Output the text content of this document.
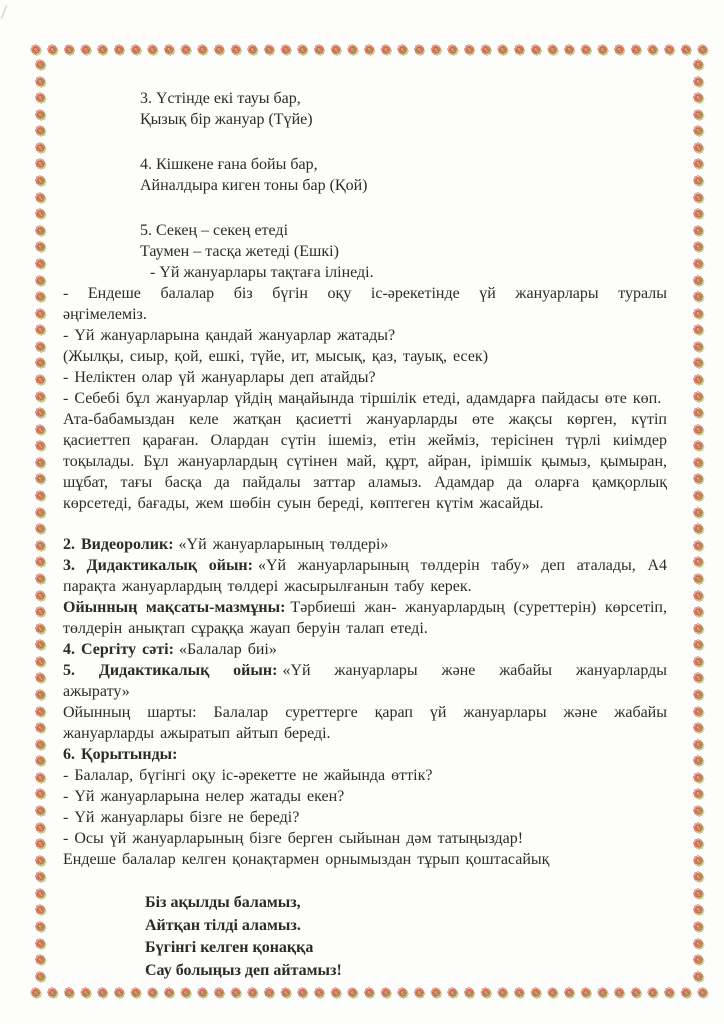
❁ ❁ ❁ ❁ ❁ ❁ ❁ ❁ ❁ ❁ ❁ ❁ ❁ ❁ ❁ ❁ ❁ ❁ ❁ ❁ ❁ ❁ ❁ ❁ ❁ ❁ ❁ ❁ ❁ ❁ ❁ ❁ ❁ ❁ ❁ ❁ ❁ ❁ ❁ ❁ ❁
❁
❁
❁
❁
❁
❁
❁
❁
❁
❁
❁
❁
❁
❁
❁
❁
❁
❁
❁
❁
❁
❁
❁
❁
❁
❁
❁
❁
❁
❁
❁
❁
❁
❁
❁
❁
❁
❁
❁
❁
❁
❁
❁
❁
❁
❁
❁
❁
❁
❁
❁
❁
❁
❁
❁
❁
❁
❁
❁
❁
❁
❁
❁
❁
❁
❁
❁
❁
❁
❁
❁
❁
❁
❁
❁
❁
❁
❁
❁
❁
❁
❁
❁
❁
❁
❁
❁
❁
❁
❁
❁
❁
❁
❁
❁
❁
❁
❁
❁
❁
❁
❁
❁
❁
❁
❁
❁
❁
❁
❁
❁
❁
❁ ❁ ❁ ❁ ❁ ❁ ❁ ❁ ❁ ❁ ❁ ❁ ❁ ❁ ❁ ❁ ❁ ❁ ❁ ❁ ❁ ❁ ❁ ❁ ❁ ❁ ❁ ❁ ❁ ❁ ❁ ❁ ❁ ❁ ❁ ❁ ❁ ❁ ❁ ❁ ❁

3. Үстінде екі тауы бар,

Қызық бір жануар (Түйе)

4. Кішкене ғана бойы бар,

Айналдыра киген тоны бар (Қой)

5. Секең – секең етеді

Таумен – тасқа жетеді (Ешкі)

- Үй жануарлары тақтаға ілінеді.

- Ендеше балалар біз бүгін оқу іс-әрекетінде үй жануарлары туралы әңгімелеміз.

- Үй жануарларына қандай жануарлар жатады?

(Жылқы, сиыр, қой, ешкі, түйе, ит, мысық, қаз, тауық, есек)

- Неліктен олар үй жануарлары деп атайды?

- Себебі бұл жануарлар үйдің маңайында тіршілік етеді, адамдарға пайдасы өте көп.

Ата-бабамыздан келе жатқан қасиетті жануарларды өте жақсы көрген, күтіп қасиеттеп қараған. Олардан сүтін ішеміз, етін жейміз, терісінен түрлі киімдер тоқылады. Бұл жануарлардың сүтінен май, құрт, айран, ірімшік қымыз, қымыран, шұбат, тағы басқа да пайдалы заттар аламыз. Адамдар да оларға қамқорлық көрсетеді, бағады, жем шөбін суын береді, көптеген күтім жасайды.

2. Видеоролик: «Үй жануарларының төлдері»

3. Дидактикалық ойын: «Үй жануарларының төлдерін табу» деп аталады, А4 парақта жануарлардың төлдері жасырылғанын табу керек.

Ойынның мақсаты-мазмұны: Тәрбиеші жан- жануарлардың (суреттерін) көрсетіп, төлдерін анықтап сұраққа жауап беруін талап етеді.

4. Сергіту сәті: «Балалар биі»

5. Дидактикалық ойын: «Үй жануарлары және жабайы жануарларды ажырату»

Ойынның шарты: Балалар суреттерге қарап үй жануарлары және жабайы жануарларды ажыратып айтып береді.

6. Қорытынды:

- Балалар, бүгінгі оқу іс-әрекетте не жайында өттік?

- Үй жануарларына нелер жатады екен?

- Үй жануарлары бізге не береді?

- Осы үй жануарларының бізге берген сыйынан дәм татыңыздар!

Ендеше балалар келген қонақтармен орнымыздан тұрып қоштасайық

Біз ақылды баламыз,

Айтқан тілді аламыз.

Бүгінгі келген қонаққа

Сау болыңыз деп айтамыз!
